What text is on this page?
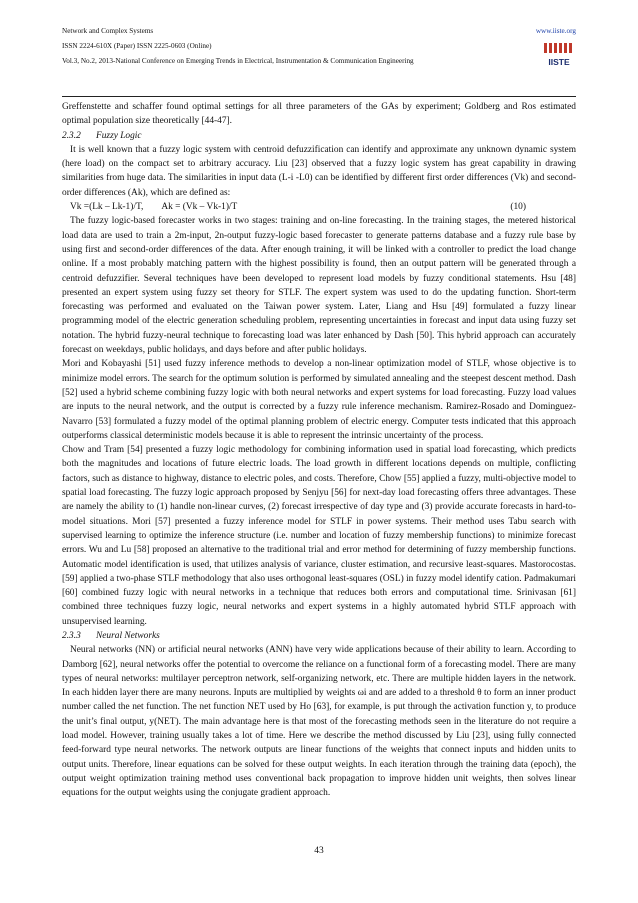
Network and Complex Systems
ISSN 2224-610X (Paper) ISSN 2225-0603 (Online)
Vol.3, No.2, 2013-National Conference on Emerging Trends in Electrical, Instrumentation & Communication Engineering
www.iiste.org
IISTE

Greffenstette and schaffer found optimal settings for all three parameters of the GAs by experiment; Goldberg and Ros estimated optimal population size theoretically [44-47].

2.3.2 Fuzzy Logic

It is well known that a fuzzy logic system with centroid defuzzification can identify and approximate any unknown dynamic system (here load) on the compact set to arbitrary accuracy. Liu [23] observed that a fuzzy logic system has great capability in drawing similarities from huge data. The similarities in input data (L-i -L0) can be identified by different first order differences (Vk) and second-order differences (Ak), which are defined as:

Vk =(Lk – Lk-1)/T, Ak = (Vk – Vk-1)/T	(10)

The fuzzy logic-based forecaster works in two stages: training and on-line forecasting. In the training stages, the metered historical load data are used to train a 2m-input, 2n-output fuzzy-logic based forecaster to generate patterns database and a fuzzy rule base by using first and second-order differences of the data. After enough training, it will be linked with a controller to predict the load change online. If a most probably matching pattern with the highest possibility is found, then an output pattern will be generated through a centroid defuzzifier. Several techniques have been developed to represent load models by fuzzy conditional statements. Hsu [48] presented an expert system using fuzzy set theory for STLF. The expert system was used to do the updating function. Short-term forecasting was performed and evaluated on the Taiwan power system. Later, Liang and Hsu [49] formulated a fuzzy linear programming model of the electric generation scheduling problem, representing uncertainties in forecast and input data using fuzzy set notation. The hybrid fuzzy-neural technique to forecasting load was later enhanced by Dash [50]. This hybrid approach can accurately forecast on weekdays, public holidays, and days before and after public holidays.

Mori and Kobayashi [51] used fuzzy inference methods to develop a non-linear optimization model of STLF, whose objective is to minimize model errors. The search for the optimum solution is performed by simulated annealing and the steepest descent method. Dash [52] used a hybrid scheme combining fuzzy logic with both neural networks and expert systems for load forecasting. Fuzzy load values are inputs to the neural network, and the output is corrected by a fuzzy rule inference mechanism. Ramirez-Rosado and Dominguez-Navarro [53] formulated a fuzzy model of the optimal planning problem of electric energy. Computer tests indicated that this approach outperforms classical deterministic models because it is able to represent the intrinsic uncertainty of the process.

Chow and Tram [54] presented a fuzzy logic methodology for combining information used in spatial load forecasting, which predicts both the magnitudes and locations of future electric loads. The load growth in different locations depends on multiple, conflicting factors, such as distance to highway, distance to electric poles, and costs. Therefore, Chow [55] applied a fuzzy, multi-objective model to spatial load forecasting. The fuzzy logic approach proposed by Senjyu [56] for next-day load forecasting offers three advantages. These are namely the ability to (1) handle non-linear curves, (2) forecast irrespective of day type and (3) provide accurate forecasts in hard-to-model situations. Mori [57] presented a fuzzy inference model for STLF in power systems. Their method uses Tabu search with supervised learning to optimize the inference structure (i.e. number and location of fuzzy membership functions) to minimize forecast errors. Wu and Lu [58] proposed an alternative to the traditional trial and error method for determining of fuzzy membership functions. Automatic model identification is used, that utilizes analysis of variance, cluster estimation, and recursive least-squares. Mastorocostas. [59] applied a two-phase STLF methodology that also uses orthogonal least-squares (OSL) in fuzzy model identify cation. Padmakumari [60] combined fuzzy logic with neural networks in a technique that reduces both errors and computational time. Srinivasan [61] combined three techniques fuzzy logic, neural networks and expert systems in a highly automated hybrid STLF approach with unsupervised learning.

2.3.3 Neural Networks

Neural networks (NN) or artificial neural networks (ANN) have very wide applications because of their ability to learn. According to Damborg [62], neural networks offer the potential to overcome the reliance on a functional form of a forecasting model. There are many types of neural networks: multilayer perceptron network, self-organizing network, etc. There are multiple hidden layers in the network. In each hidden layer there are many neurons. Inputs are multiplied by weights ωi and are added to a threshold θ to form an inner product number called the net function. The net function NET used by Ho [63], for example, is put through the activation function y, to produce the unit’s final output, y(NET). The main advantage here is that most of the forecasting methods seen in the literature do not require a load model. However, training usually takes a lot of time. Here we describe the method discussed by Liu [23], using fully connected feed-forward type neural networks. The network outputs are linear functions of the weights that connect inputs and hidden units to output units. Therefore, linear equations can be solved for these output weights. In each iteration through the training data (epoch), the output weight optimization training method uses conventional back propagation to improve hidden unit weights, then solves linear equations for the output weights using the conjugate gradient approach.

43
